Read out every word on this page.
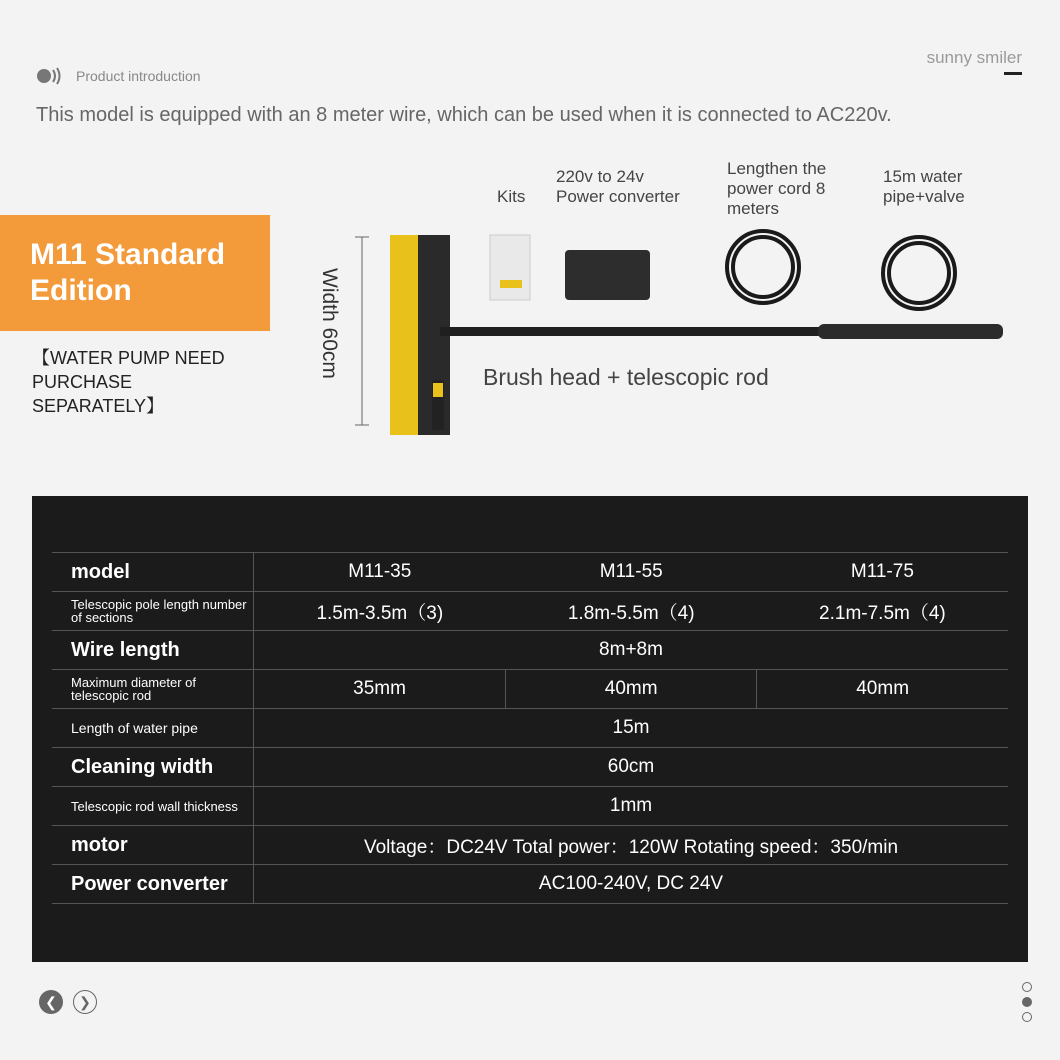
sunny smiler
Product introduction
This model is equipped with an 8 meter wire, which can be used when it is connected to AC220v.
M11 Standard Edition
【WATER PUMP NEED PURCHASE SEPARATELY】
Kits
220v to 24v Power converter
Lengthen the power cord 8 meters
15m water pipe+valve
Width 60cm	Brush head + telescopic rod
model	M11-35	M11-55	M11-75
Telescopic pole length number of sections	1.5m-3.5m（3)	1.8m-5.5m（4)	2.1m-7.5m（4)
Wire length	8m+8m		
Maximum diameter of telescopic rod	35mm	40mm	40mm
Length of water pipe	15m		
Cleaning width	60cm		
Telescopic rod wall thickness	1mm		
motor	Voltage：DC24V Total power：120W Rotating speed：350/min		
Power converter	AC100-240V, DC 24V		
❮	❯
